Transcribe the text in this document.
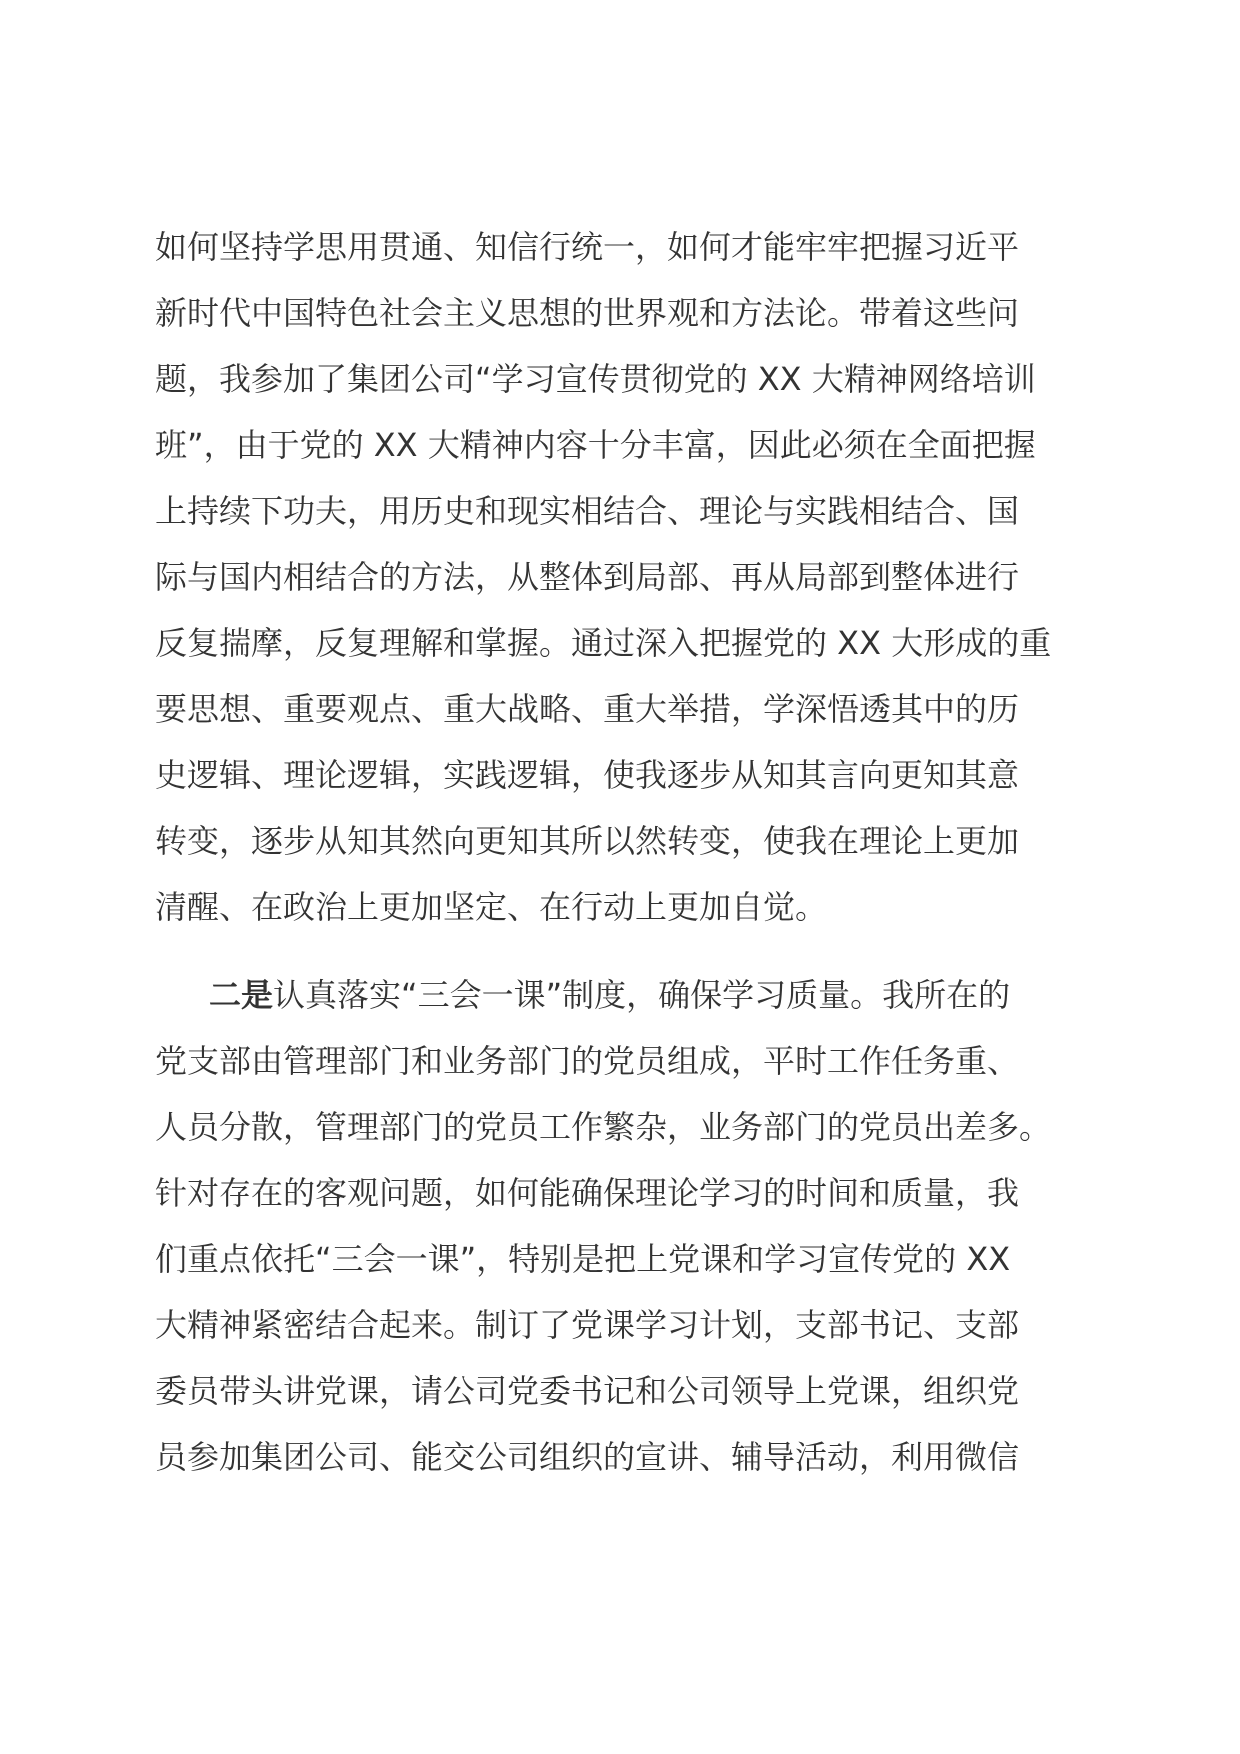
如何坚持学思用贯通、知信行统一，如何才能牢牢把握习近平
新时代中国特色社会主义思想的世界观和方法论。带着这些问
题，我参加了集团公司“学习宣传贯彻党的 XX 大精神网络培训
班”，由于党的 XX 大精神内容十分丰富，因此必须在全面把握
上持续下功夫，用历史和现实相结合、理论与实践相结合、国
际与国内相结合的方法，从整体到局部、再从局部到整体进行
反复揣摩，反复理解和掌握。通过深入把握党的 XX 大形成的重
要思想、重要观点、重大战略、重大举措，学深悟透其中的历
史逻辑、理论逻辑，实践逻辑，使我逐步从知其言向更知其意
转变，逐步从知其然向更知其所以然转变，使我在理论上更加
清醒、在政治上更加坚定、在行动上更加自觉。
二是认真落实“三会一课”制度，确保学习质量。我所在的
党支部由管理部门和业务部门的党员组成，平时工作任务重、
人员分散，管理部门的党员工作繁杂，业务部门的党员出差多。
针对存在的客观问题，如何能确保理论学习的时间和质量，我
们重点依托“三会一课”，特别是把上党课和学习宣传党的 XX
大精神紧密结合起来。制订了党课学习计划，支部书记、支部
委员带头讲党课，请公司党委书记和公司领导上党课，组织党
员参加集团公司、能交公司组织的宣讲、辅导活动，利用微信
